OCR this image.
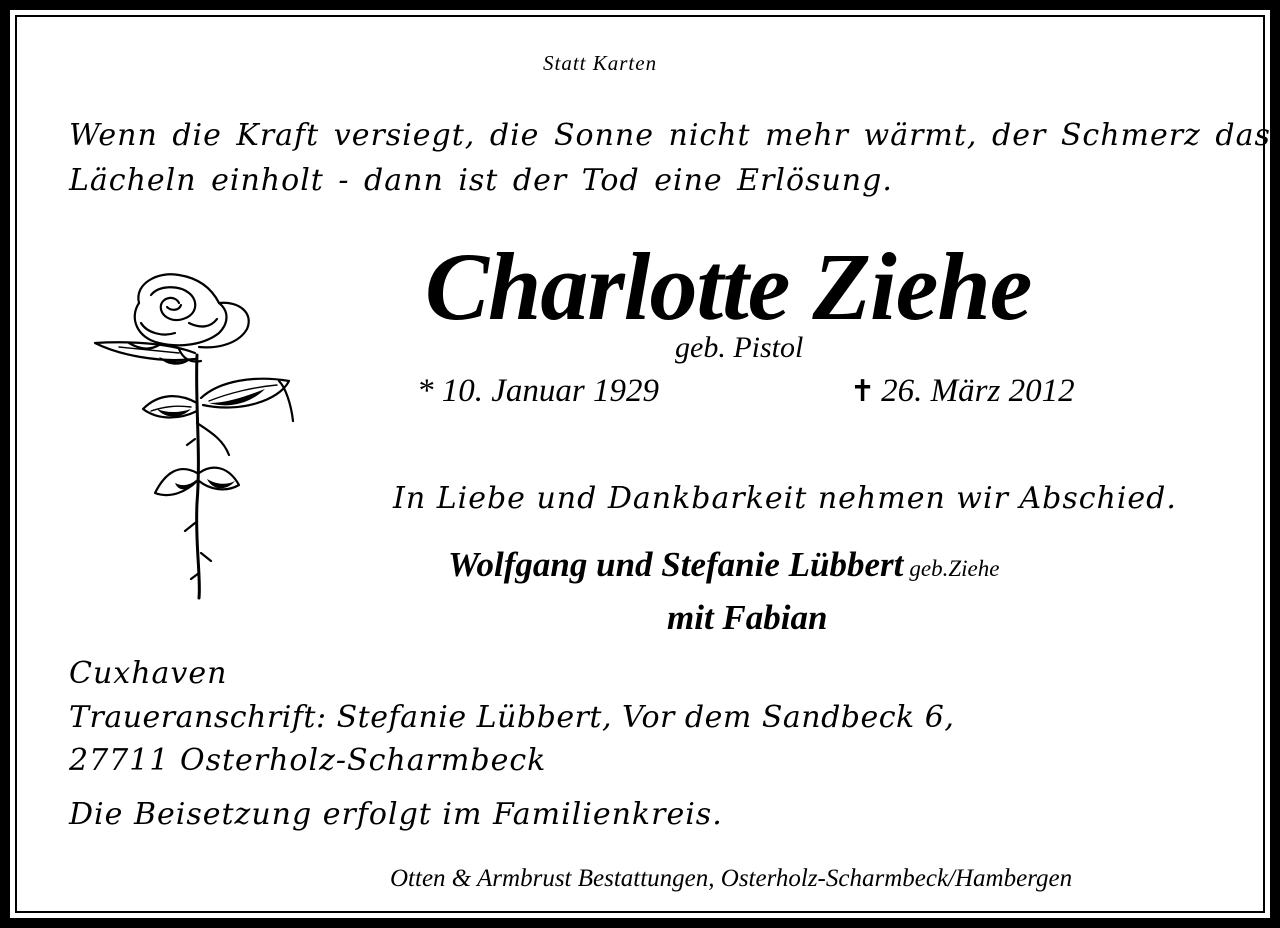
Statt Karten

Wenn die Kraft versiegt, die Sonne nicht mehr wärmt, der Schmerz das
Lächeln einholt - dann ist der Tod eine Erlösung.

Charlotte Ziehe

geb. Pistol

* 10. Januar 1929	✝ 26. März 2012

In Liebe und Dankbarkeit nehmen wir Abschied.

Wolfgang und Stefanie Lübbert geb.Ziehe

mit Fabian

Cuxhaven

Traueranschrift: Stefanie Lübbert, Vor dem Sandbeck 6,

27711 Osterholz-Scharmbeck

Die Beisetzung erfolgt im Familienkreis.

Otten & Armbrust Bestattungen, Osterholz-Scharmbeck/Hambergen
